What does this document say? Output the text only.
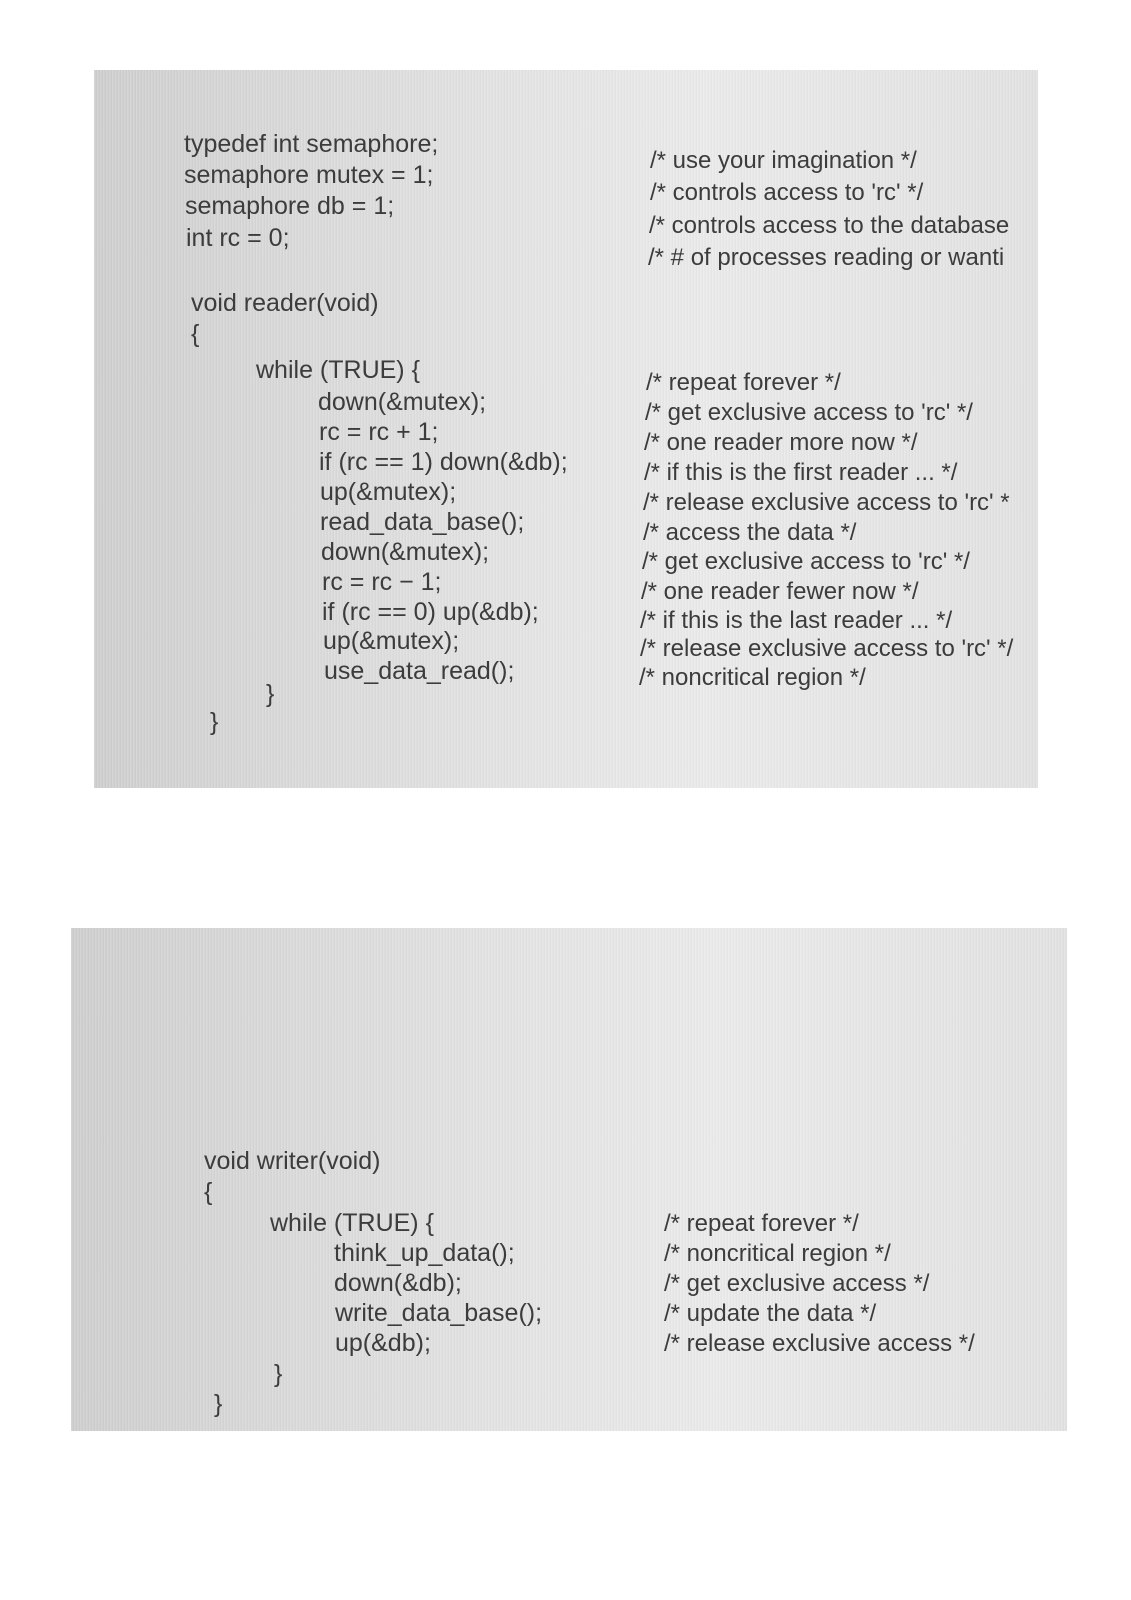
typedef int semaphore;
semaphore mutex = 1;
semaphore db = 1;
int rc = 0;
/* use your imagination */
/* controls access to 'rc' */
/* controls access to the database
/* # of processes reading or wanti
void reader(void)
{
while (TRUE) {	/* repeat forever */
down(&mutex);
rc = rc + 1;
if (rc == 1) down(&db);
up(&mutex);
read_data_base();
down(&mutex);
rc = rc − 1;
if (rc == 0) up(&db);
up(&mutex);
use_data_read();
/* get exclusive access to 'rc' */
/* one reader more now */
/* if this is the first reader ... */
/* release exclusive access to 'rc' *
/* access the data */
/* get exclusive access to 'rc' */
/* one reader fewer now */
/* if this is the last reader ... */
/* release exclusive access to 'rc' */
/* noncritical region */
}
}
void writer(void)
{
while (TRUE) {	/* repeat forever */
think_up_data();
down(&db);
write_data_base();
up(&db);
/* noncritical region */
/* get exclusive access */
/* update the data */
/* release exclusive access */
}
}
